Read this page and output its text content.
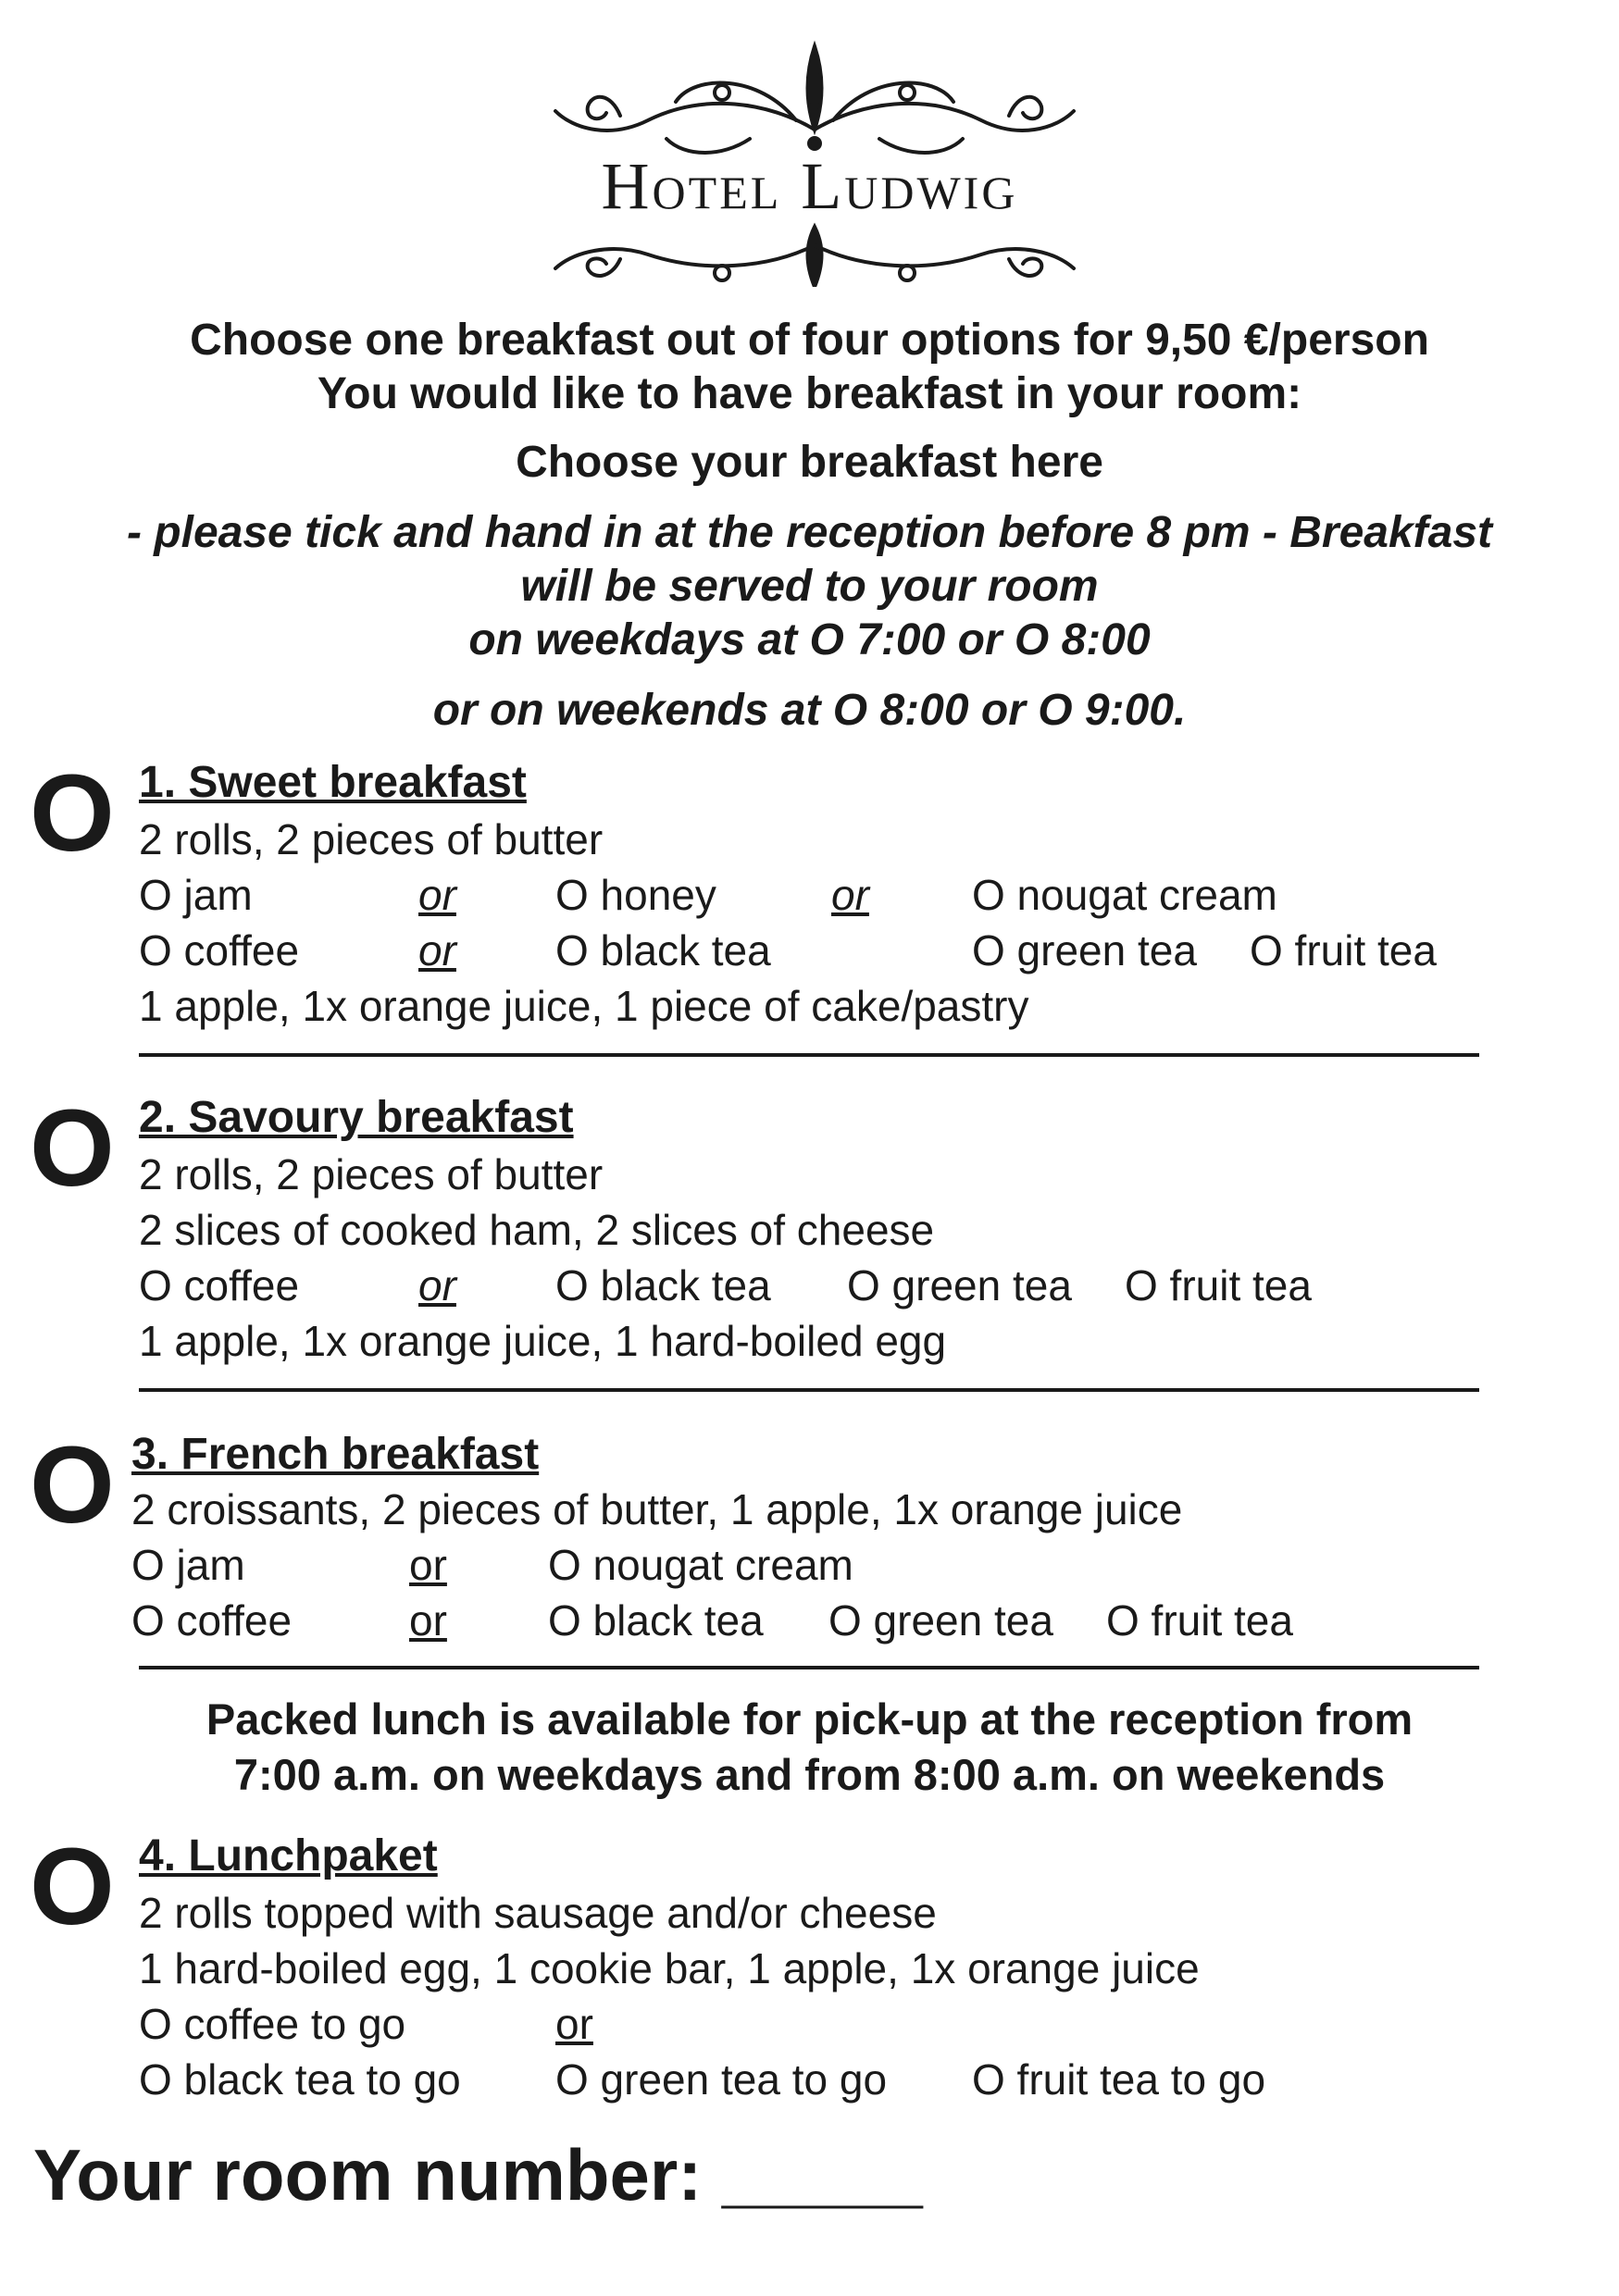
Hotel Ludwig
Choose one breakfast out of four options for 9,50 €/person
You would like to have breakfast in your room:
Choose your breakfast here
- please tick and hand in at the reception before 8 pm - Breakfast
will be served to your room
on weekdays at O 7:00 or O 8:00
or on weekends at O 8:00 or O 9:00.
O 1. Sweet breakfast
2 rolls, 2 pieces of butter
O jam	or O honey	or O nougat cream
O coffee	or O black tea	O green tea O fruit tea
1 apple, 1x orange juice, 1 piece of cake/pastry
O 2. Savoury breakfast
2 rolls, 2 pieces of butter
2 slices of cooked ham, 2 slices of cheese
O coffee	or O black tea O green tea O fruit tea
1 apple, 1x orange juice, 1 hard-boiled egg
O 3. French breakfast
2 croissants, 2 pieces of butter, 1 apple, 1x orange juice
O jam	or O nougat cream
O coffee	or O black tea O green tea O fruit tea
Packed lunch is available for pick-up at the reception from
7:00 a.m. on weekdays and from 8:00 a.m. on weekends
O 4. Lunchpaket
2 rolls topped with sausage and/or cheese
1 hard-boiled egg, 1 cookie bar, 1 apple, 1x orange juice
O coffee to go	or
O black tea to go O green tea to go O fruit tea to go
Your room number: _____
